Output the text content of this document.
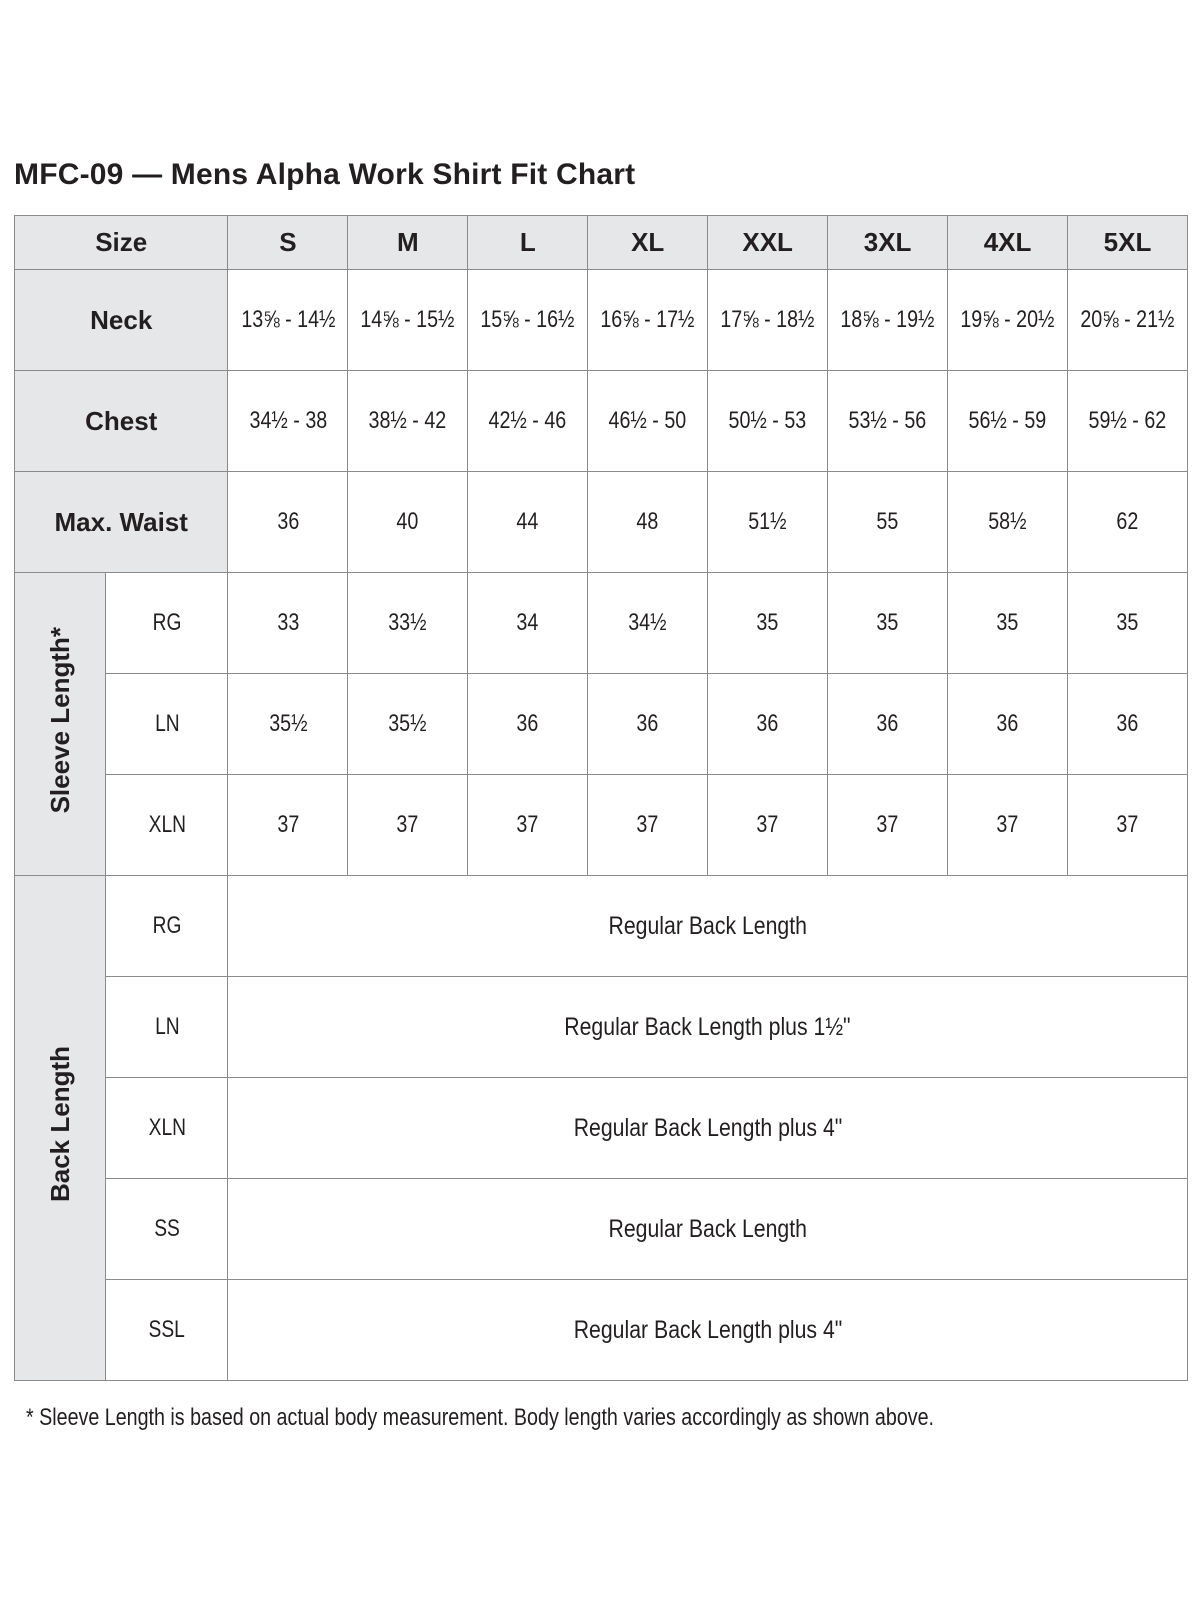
MFC-09 — Mens Alpha Work Shirt Fit Chart
Size		S	M	L	XL	XXL	3XL	4XL	5XL
Neck		13⅝ - 14½	14⅝ - 15½	15⅝ - 16½	16⅝ - 17½	17⅝ - 18½	18⅝ - 19½	19⅝ - 20½	20⅝ - 21½
Chest		34½ - 38	38½ - 42	42½ - 46	46½ - 50	50½ - 53	53½ - 56	56½ - 59	59½ - 62
Max. Waist		36	40	44	48	51½	55	58½	62
Sleeve Length*	RG	33	33½	34	34½	35	35	35	35
	LN	35½	35½	36	36	36	36	36	36
	XLN	37	37	37	37	37	37	37	37
Back Length	RG	Regular Back Length							
	LN	Regular Back Length plus 1½"							
	XLN	Regular Back Length plus 4"							
	SS	Regular Back Length							
	SSL	Regular Back Length plus 4"							
* Sleeve Length is based on actual body measurement. Body length varies accordingly as shown above.
